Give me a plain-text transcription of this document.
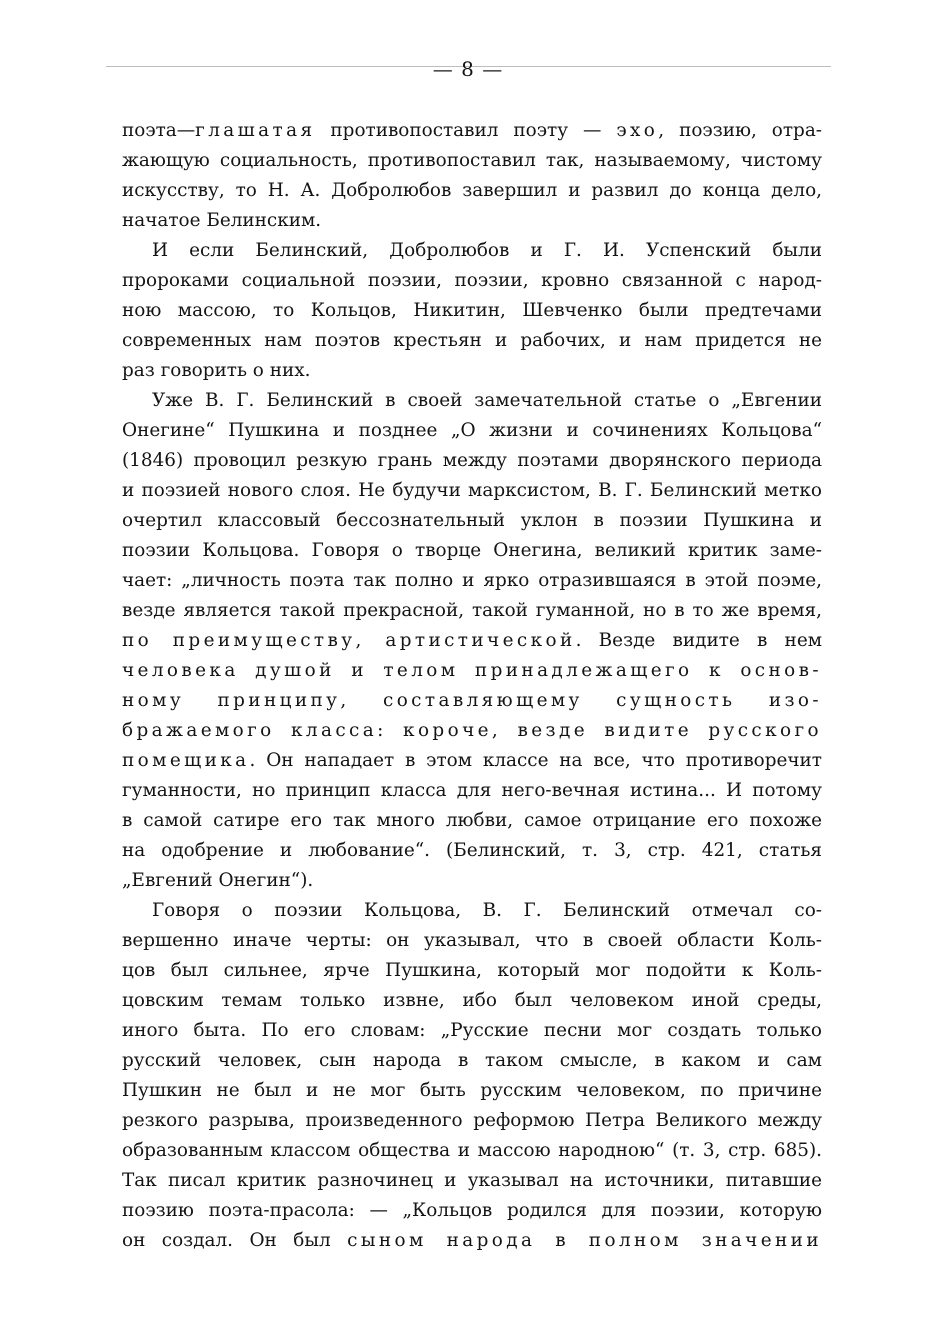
— 8 —
поэта—глашатая противопоставил поэту — эхо, поэзию, отра-
жающую социальность, противопоставил так, называемому, чистому
искусству, то Н. А. Добролюбов завершил и развил до конца дело,
начатое Белинским.
И если Белинский, Добролюбов и Г. И. Успенский были
пророками социальной поэзии, поэзии, кровно связанной с народ-
ною массою, то Кольцов, Никитин, Шевченко были предтечами
современных нам поэтов крестьян и рабочих, и нам придется не
раз говорить о них.
Уже В. Г. Белинский в своей замечательной статье о „Евгении
Онегине“ Пушкина и позднее „О жизни и сочинениях Кольцова“
(1846) провоцил резкую грань между поэтами дворянского периода
и поэзией нового слоя. Не будучи марксистом, В. Г. Белинский метко
очертил классовый бессознательный уклон в поэзии Пушкина и
поэзии Кольцова. Говоря о творце Онегина, великий критик заме-
чает: „личность поэта так полно и ярко отразившаяся в этой поэме,
везде является такой прекрасной, такой гуманной, но в то же время,
по преимуществу, артистической. Везде видите в нем
человека душой и телом принадлежащего к основ-
ному принципу, составляющему сущность изо-
бражаемого класса: короче, везде видите русского
помещика. Он нападает в этом классе на все, что противоречит
гуманности, но принцип класса для него-вечная истина... И потому
в самой сатире его так много любви, самое отрицание его похоже
на одобрение и любование“. (Белинский, т. 3, стр. 421, статья
„Евгений Онегин“).
Говоря о поэзии Кольцова, В. Г. Белинский отмечал со-
вершенно иначе черты: он указывал, что в своей области Коль-
цов был сильнее, ярче Пушкина, который мог подойти к Коль-
цовским темам только извне, ибо был человеком иной среды,
иного быта. По его словам: „Русские песни мог создать только
русский человек, сын народа в таком смысле, в каком и сам
Пушкин не был и не мог быть русским человеком, по причине
резкого разрыва, произведенного реформою Петра Великого между
образованным классом общества и массою народною“ (т. 3, стр. 685).
Так писал критик разночинец и указывал на источники, питавшие
поэзию поэта-прасола: — „Кольцов родился для поэзии, которую
он создал. Он был сыном народа в полном значении
